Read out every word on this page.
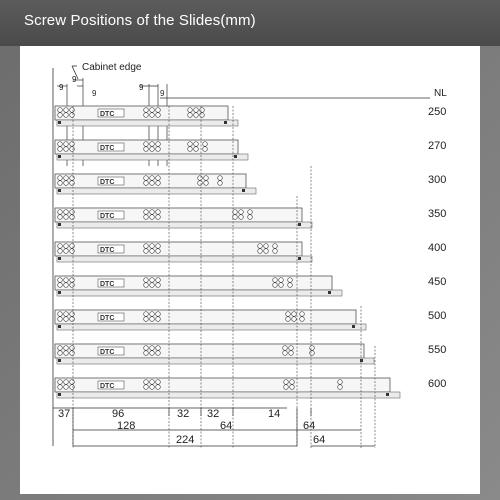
Screw Positions of the Slides(mm)
Cabinet edge
NL
9
9
9
9
9
DTC	250
DTC	270
DTC	300
DTC	350
DTC	400
DTC	450
DTC	500
DTC	550
DTC	600
37	96	32 32	14
128	64	64
224	64
